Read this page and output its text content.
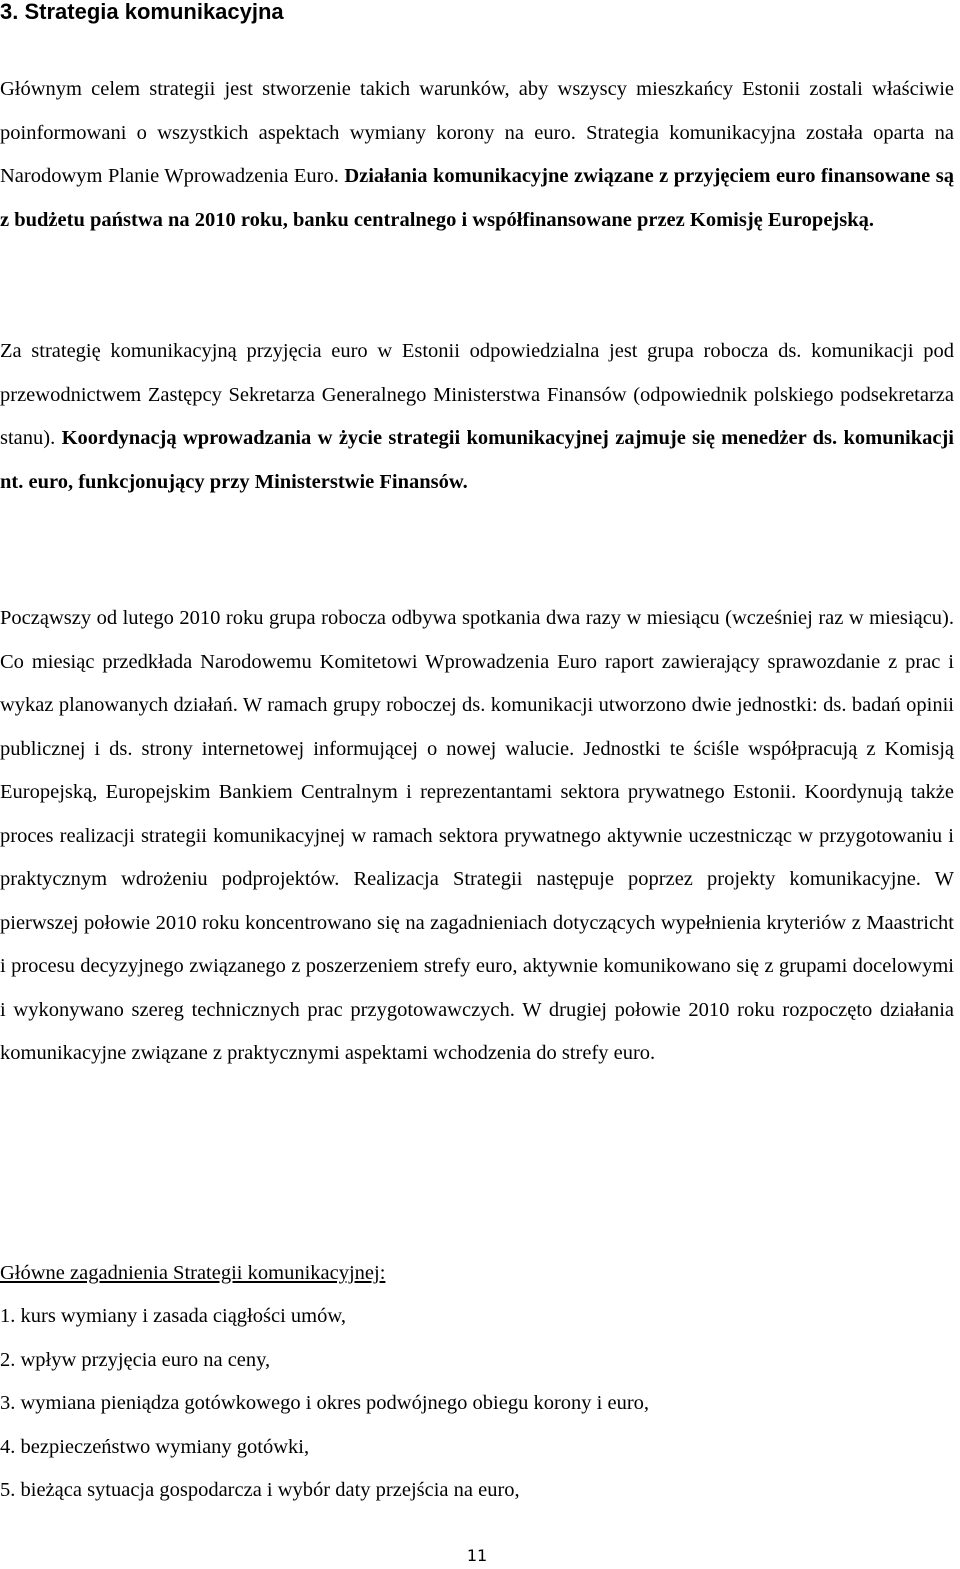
3. Strategia komunikacyjna

Głównym celem strategii jest stworzenie takich warunków, aby wszyscy mieszkańcy Estonii zostali właściwie poinformowani o wszystkich aspektach wymiany korony na euro. Strategia komunikacyjna została oparta na Narodowym Planie Wprowadzenia Euro. Działania komunikacyjne związane z przyjęciem euro finansowane są z budżetu państwa na 2010 roku, banku centralnego i współfinansowane przez Komisję Europejską.

Za strategię komunikacyjną przyjęcia euro w Estonii odpowiedzialna jest grupa robocza ds. komunikacji pod przewodnictwem Zastępcy Sekretarza Generalnego Ministerstwa Finansów (odpowiednik polskiego podsekretarza stanu). Koordynacją wprowadzania w życie strategii komunikacyjnej zajmuje się menedżer ds. komunikacji nt. euro, funkcjonujący przy Ministerstwie Finansów.

Począwszy od lutego 2010 roku grupa robocza odbywa spotkania dwa razy w miesiącu (wcześniej raz w miesiącu). Co miesiąc przedkłada Narodowemu Komitetowi Wprowadzenia Euro raport zawierający sprawozdanie z prac i wykaz planowanych działań. W ramach grupy roboczej ds. komunikacji utworzono dwie jednostki: ds. badań opinii publicznej i ds. strony internetowej informującej o nowej walucie. Jednostki te ściśle współpracują z Komisją Europejską, Europejskim Bankiem Centralnym i reprezentantami sektora prywatnego Estonii. Koordynują także proces realizacji strategii komunikacyjnej w ramach sektora prywatnego aktywnie uczestnicząc w przygotowaniu i praktycznym wdrożeniu podprojektów. Realizacja Strategii następuje poprzez projekty komunikacyjne. W pierwszej połowie 2010 roku koncentrowano się na zagadnieniach dotyczących wypełnienia kryteriów z Maastricht i procesu decyzyjnego związanego z poszerzeniem strefy euro, aktywnie komunikowano się z grupami docelowymi i wykonywano szereg technicznych prac przygotowawczych. W drugiej połowie 2010 roku rozpoczęto działania komunikacyjne związane z praktycznymi aspektami wchodzenia do strefy euro.

Główne zagadnienia Strategii komunikacyjnej:

1. kurs wymiany i zasada ciągłości umów,
2. wpływ przyjęcia euro na ceny,
3. wymiana pieniądza gotówkowego i okres podwójnego obiegu korony i euro,
4. bezpieczeństwo wymiany gotówki,
5. bieżąca sytuacja gospodarcza i wybór daty przejścia na euro,
11
